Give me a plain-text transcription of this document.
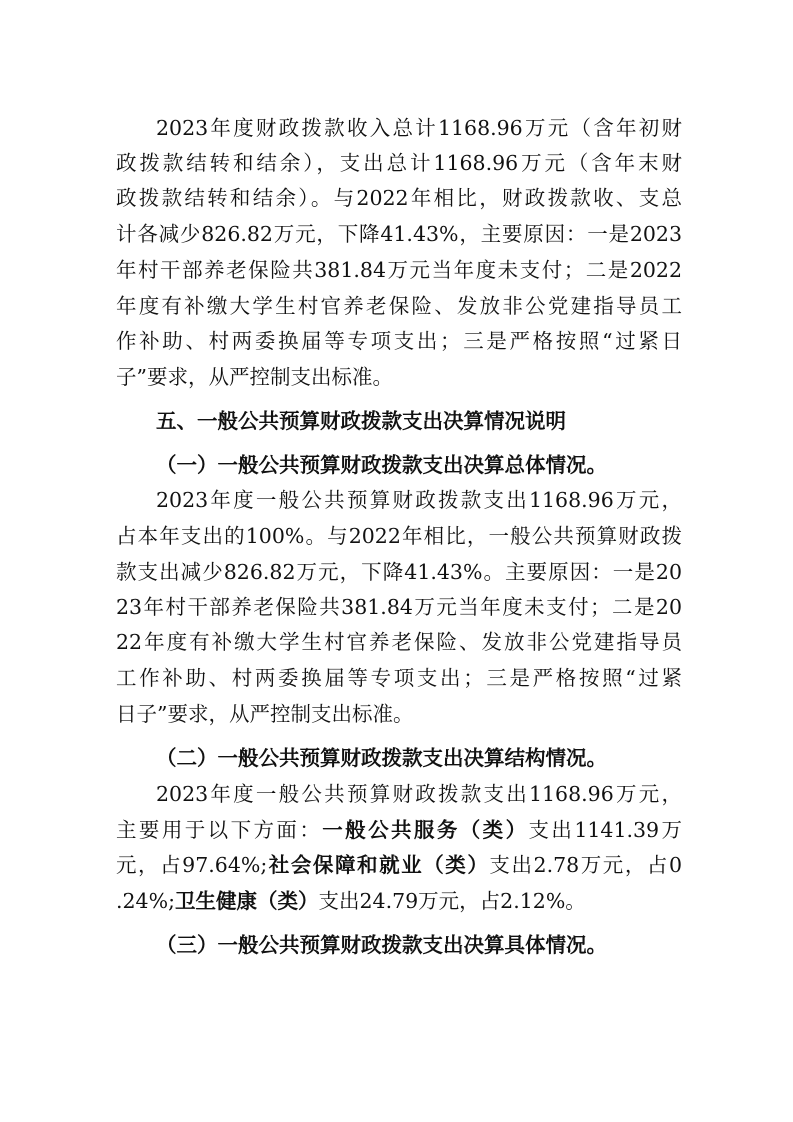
2023年度财政拨款收入总计1168.96万元（含年初财
政拨款结转和结余），支出总计1168.96万元（含年末财
政拨款结转和结余）。与2022年相比，财政拨款收、支总
计各减少826.82万元，下降41.43%，主要原因：一是2023
年村干部养老保险共381.84万元当年度未支付；二是2022
年度有补缴大学生村官养老保险、发放非公党建指导员工
作补助、村两委换届等专项支出；三是严格按照“过紧日
子”要求，从严控制支出标准。
五、一般公共预算财政拨款支出决算情况说明
（一）一般公共预算财政拨款支出决算总体情况。
2023年度一般公共预算财政拨款支出1168.96万元，
占本年支出的100%。与2022年相比，一般公共预算财政拨
款支出减少826.82万元，下降41.43%。主要原因：一是20
23年村干部养老保险共381.84万元当年度未支付；二是20
22年度有补缴大学生村官养老保险、发放非公党建指导员
工作补助、村两委换届等专项支出；三是严格按照“过紧
日子”要求，从严控制支出标准。
（二）一般公共预算财政拨款支出决算结构情况。
2023年度一般公共预算财政拨款支出1168.96万元，
主要用于以下方面：一般公共服务（类）支出1141.39万
元，占97.64%;社会保障和就业（类）支出2.78万元，占0
.24%;卫生健康（类）支出24.79万元，占2.12%。
（三）一般公共预算财政拨款支出决算具体情况。
